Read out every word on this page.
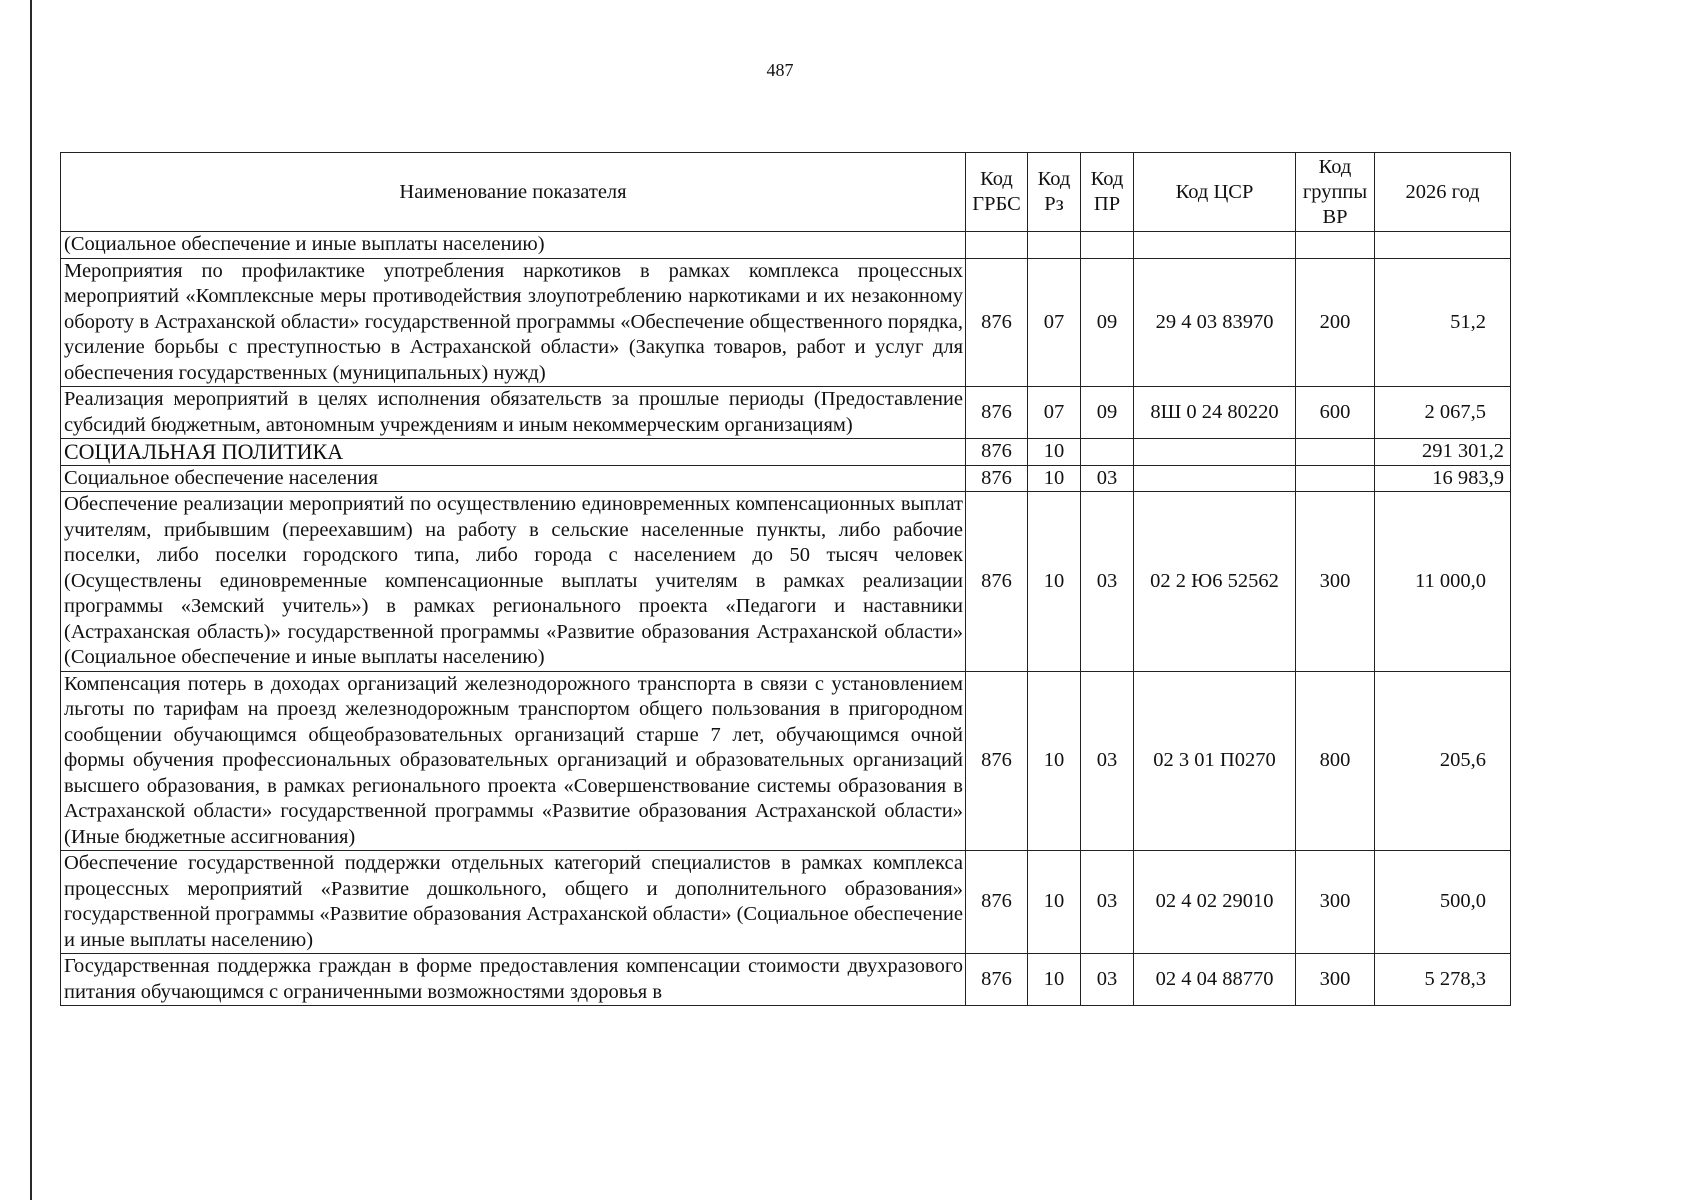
487
Наименование показателя	Код ГРБС	Код Рз	Код ПР	Код ЦСР	Код группы ВР	2026 год
(Социальное обеспечение и иные выплаты населению)						
Мероприятия по профилактике употребления наркотиков в рамках комплекса процессных мероприятий «Комплексные меры противодействия злоупотреблению наркотиками и их незаконному обороту в Астраханской области» государственной программы «Обеспечение общественного порядка, усиление борьбы с преступностью в Астраханской области» (Закупка товаров, работ и услуг для обеспечения государственных (муниципальных) нужд)	876	07	09	29 4 03 83970	200	51,2
Реализация мероприятий в целях исполнения обязательств за прошлые периоды (Предоставление субсидий бюджетным, автономным учреждениям и иным некоммерческим организациям)	876	07	09	8Ш 0 24 80220	600	2 067,5
СОЦИАЛЬНАЯ ПОЛИТИКА	876	10				291 301,2
Социальное обеспечение населения	876	10	03			16 983,9
Обеспечение реализации мероприятий по осуществлению единовременных компенсационных выплат учителям, прибывшим (переехавшим) на работу в сельские населенные пункты, либо рабочие поселки, либо поселки городского типа, либо города с населением до 50 тысяч человек (Осуществлены единовременные компенсационные выплаты учителям в рамках реализации программы «Земский учитель») в рамках регионального проекта «Педагоги и наставники (Астраханская область)» государственной программы «Развитие образования Астраханской области» (Социальное обеспечение и иные выплаты населению)	876	10	03	02 2 Ю6 52562	300	11 000,0
Компенсация потерь в доходах организаций железнодорожного транспорта в связи с установлением льготы по тарифам на проезд железнодорожным транспортом общего пользования в пригородном сообщении обучающимся общеобразовательных организаций старше 7 лет, обучающимся очной формы обучения профессиональных образовательных организаций и образовательных организаций высшего образования, в рамках регионального проекта «Совершенствование системы образования в Астраханской области» государственной программы «Развитие образования Астраханской области» (Иные бюджетные ассигнования)	876	10	03	02 3 01 П0270	800	205,6
Обеспечение государственной поддержки отдельных категорий специалистов в рамках комплекса процессных мероприятий «Развитие дошкольного, общего и дополнительного образования» государственной программы «Развитие образования Астраханской области» (Социальное обеспечение и иные выплаты населению)	876	10	03	02 4 02 29010	300	500,0
Государственная поддержка граждан в форме предоставления компенсации стоимости двухразового питания обучающимся с ограниченными возможностями здоровья в	876	10	03	02 4 04 88770	300	5 278,3
